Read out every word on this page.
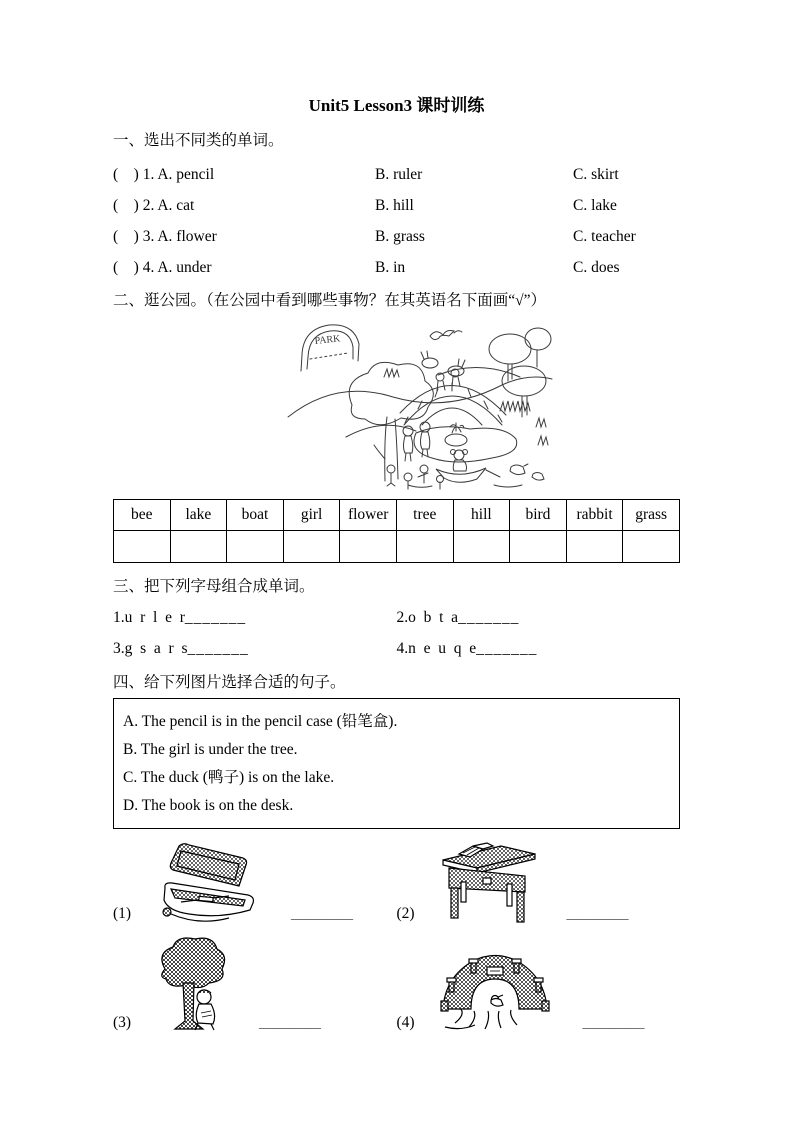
Unit5 Lesson3 课时训练
一、选出不同类的单词。
(    ) 1. A. pencil	B. ruler	C. skirt
(    ) 2. A. cat	B. hill	C. lake
(    ) 3. A. flower	B. grass	C. teacher
(    ) 4. A. under	B. in	C. does
二、逛公园。（在公园中看到哪些事物？在其英语名下面画“√”）
PARK
bee	lake	boat	girl	flower	tree	hill	bird	rabbit	grass

三、把下列字母组合成单词。
1.u  r  l  e  r_______	2.o  b  t  a_______
3.g  s  a  r  s_______	4.n  e  u  q  e_______
四、给下列图片选择合适的句子。
A. The pencil is in the pencil case (铅笔盒).
B. The girl is under the tree.
C. The duck (鸭子) is on the lake.
D. The book is on the desk.
(1)	________	(2)	________
(3)	________	(4)	________
